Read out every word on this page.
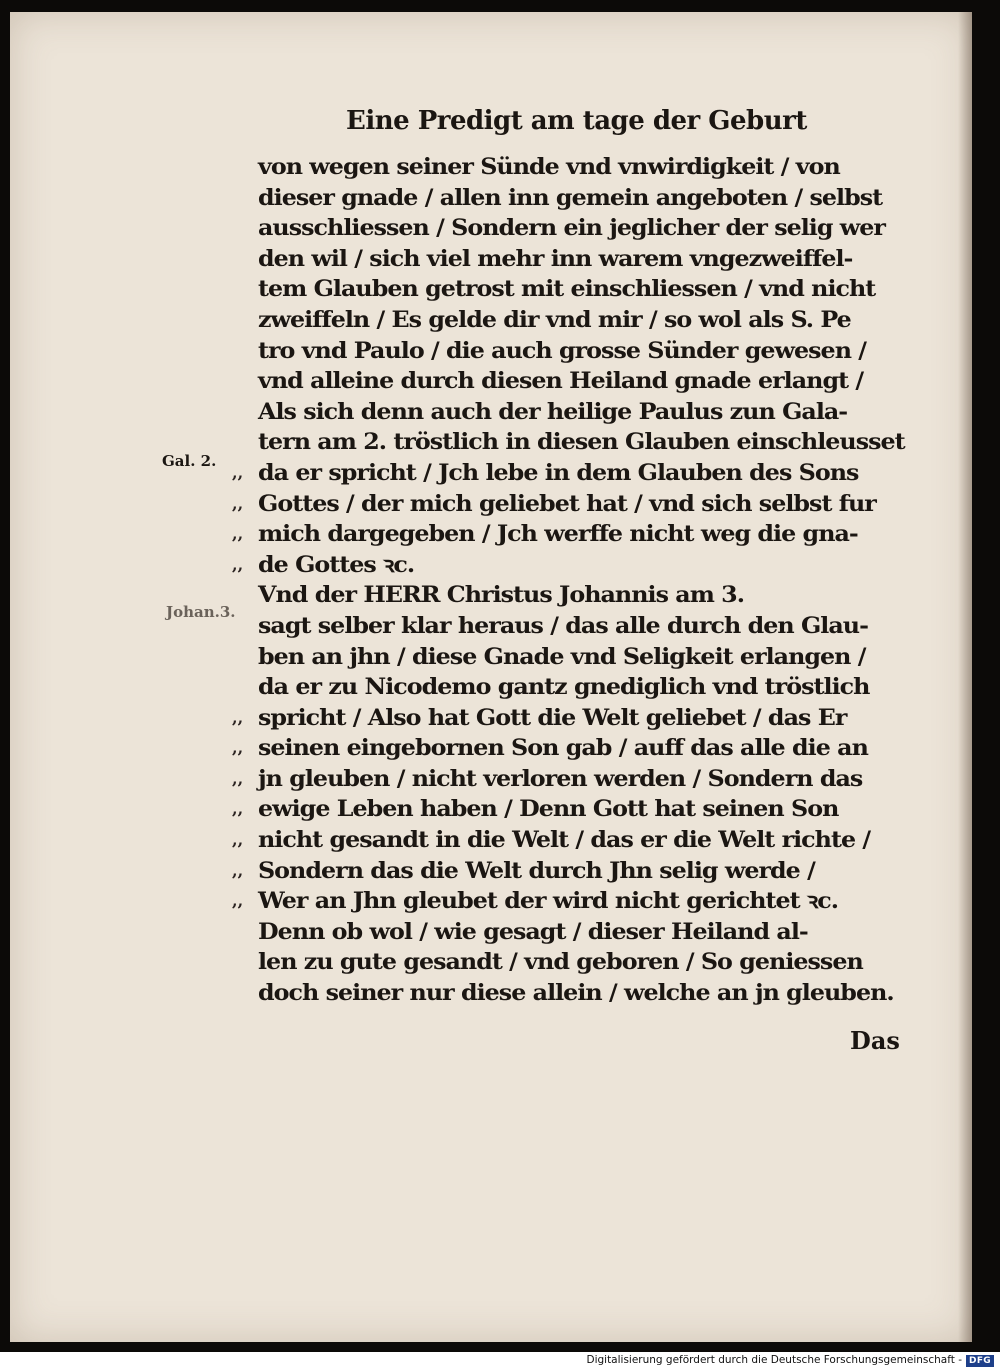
Eine Predigt am tage der Geburt
Gal. 2.
Johan.3.
von wegen seiner Sünde vnd vnwirdigkeit / von
dieser gnade / allen inn gemein angeboten / selbst
ausschliessen / Sondern ein jeglicher der selig wer
den wil / sich viel mehr inn warem vngezweiffel-
tem Glauben getrost mit einschliessen / vnd nicht
zweiffeln / Es gelde dir vnd mir / so wol als S. Pe
tro vnd Paulo / die auch grosse Sünder gewesen /
vnd alleine durch diesen Heiland gnade erlangt /
Als sich denn auch der heilige Paulus zun Gala-
tern am 2. tröstlich in diesen Glauben einschleusset
,, da er spricht / Jch lebe in dem Glauben des Sons
,, Gottes / der mich geliebet hat / vnd sich selbst fur
,, mich dargegeben / Jch werffe nicht weg die gna-
,, de Gottes ꝛc.
Vnd der HERR Christus Johannis am 3.
sagt selber klar heraus / das alle durch den Glau-
ben an jhn / diese Gnade vnd Seligkeit erlangen /
da er zu Nicodemo gantz gnediglich vnd tröstlich
,, spricht / Also hat Gott die Welt geliebet / das Er
,, seinen eingebornen Son gab / auff das alle die an
,, jn gleuben / nicht verloren werden / Sondern das
,, ewige Leben haben / Denn Gott hat seinen Son
,, nicht gesandt in die Welt / das er die Welt richte /
,, Sondern das die Welt durch Jhn selig werde /
,, Wer an Jhn gleubet der wird nicht gerichtet ꝛc.
Denn ob wol / wie gesagt / dieser Heiland al-
len zu gute gesandt / vnd geboren / So geniessen
doch seiner nur diese allein / welche an jn gleuben.
Das
Digitalisierung gefördert durch die Deutsche Forschungsgemeinschaft - DFG
